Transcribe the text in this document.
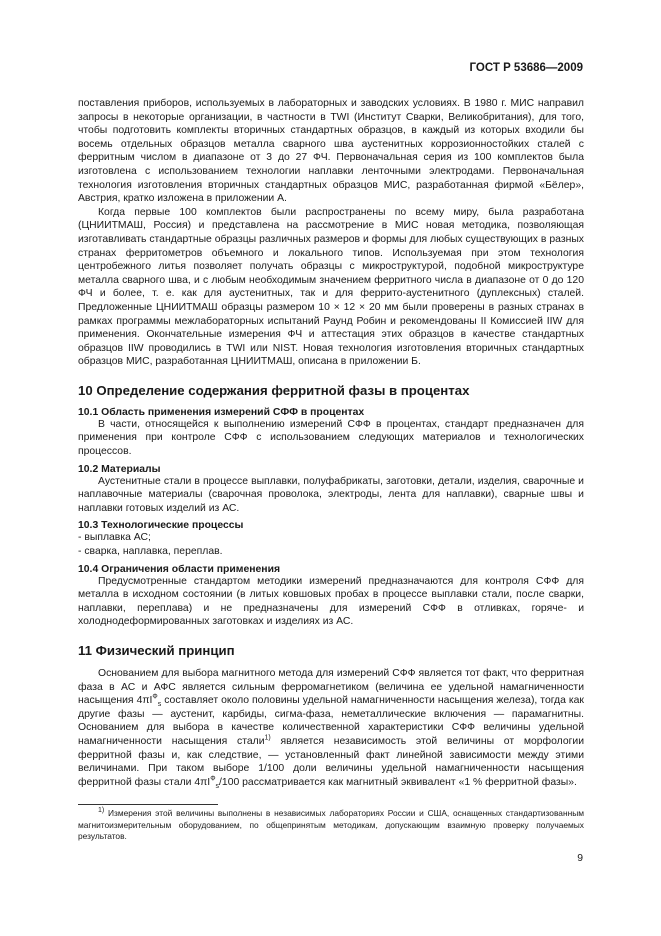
ГОСТ Р 53686—2009

поставления приборов, используемых в лабораторных и заводских условиях. В 1980 г. МИС направил запросы в некоторые организации, в частности в TWI (Институт Сварки, Великобритания), для того, чтобы подготовить комплекты вторичных стандартных образцов, в каждый из которых входили бы восемь отдельных образцов металла сварного шва аустенитных коррозионностойких сталей с ферритным числом в диапазоне от 3 до 27 ФЧ. Первоначальная серия из 100 комплектов была изготовлена с использованием технологии наплавки ленточными электродами. Первоначальная технология изготовления вторичных стандартных образцов МИС, разработанная фирмой «Бёлер», Австрия, кратко изложена в приложении А.

Когда первые 100 комплектов были распространены по всему миру, была разработана (ЦНИИТМАШ, Россия) и представлена на рассмотрение в МИС новая методика, позволяющая изготавливать стандартные образцы различных размеров и формы для любых существующих в разных странах ферритометров объемного и локального типов. Используемая при этом технология центробежного литья позволяет получать образцы с микроструктурой, подобной микроструктуре металла сварного шва, и с любым необходимым значением ферритного числа в диапазоне от 0 до 120 ФЧ и более, т. е. как для аустенитных, так и для феррито-аустенитного (дуплексных) сталей. Предложенные ЦНИИТМАШ образцы размером 10 × 12 × 20 мм были проверены в разных странах в рамках программы межлабораторных испытаний Раунд Робин и рекомендованы II Комиссией IIW для применения. Окончательные измерения ФЧ и аттестация этих образцов в качестве стандартных образцов IIW проводились в TWI или NIST. Новая технология изготовления вторичных стандартных образцов МИС, разработанная ЦНИИТМАШ, описана в приложении Б.

10 Определение содержания ферритной фазы в процентах
10.1 Область применения измерений СФФ в процентах

В части, относящейся к выполнению измерений СФФ в процентах, стандарт предназначен для применения при контроле СФФ с использованием следующих материалов и технологических процессов.

10.2 Материалы

Аустенитные стали в процессе выплавки, полуфабрикаты, заготовки, детали, изделия, сварочные и наплавочные материалы (сварочная проволока, электроды, лента для наплавки), сварные швы и наплавки готовых изделий из АС.

10.3 Технологические процессы
- выплавка АС;
- сварка, наплавка, переплав.
10.4 Ограничения области применения

Предусмотренные стандартом методики измерений предназначаются для контроля СФФ для металла в исходном состоянии (в литых ковшовых пробах в процессе выплавки стали, после сварки, наплавки, переплава) и не предназначены для измерений СФФ в отливках, горяче- и холоднодеформированных заготовках и изделиях из АС.

11 Физический принцип

Основанием для выбора магнитного метода для измерений СФФ является тот факт, что ферритная фаза в АС и АФС является сильным ферромагнетиком (величина ее удельной намагниченности насыщения $4\pi I^Ф_s$ составляет около половины удельной намагниченности насыщения железа), тогда как другие фазы — аустенит, карбиды, сигма-фаза, неметаллические включения — парамагнитны. Основанием для выбора в качестве количественной характеристики СФФ величины удельной намагниченности насыщения стали$^{1)}$ является независимость этой величины от морфологии ферритной фазы и, как следствие, — установленный факт линейной зависимости между этими величинами. При таком выборе 1/100 доли величины удельной намагниченности насыщения ферритной фазы стали $4\pi I^Ф_s/100$ рассматривается как магнитный эквивалент «1 % ферритной фазы».

$^{1)}$ Измерения этой величины выполнены в независимых лабораториях России и США, оснащенных стандартизованным магнитоизмерительным оборудованием, по общепринятым методикам, допускающим взаимную проверку получаемых результатов.
9
